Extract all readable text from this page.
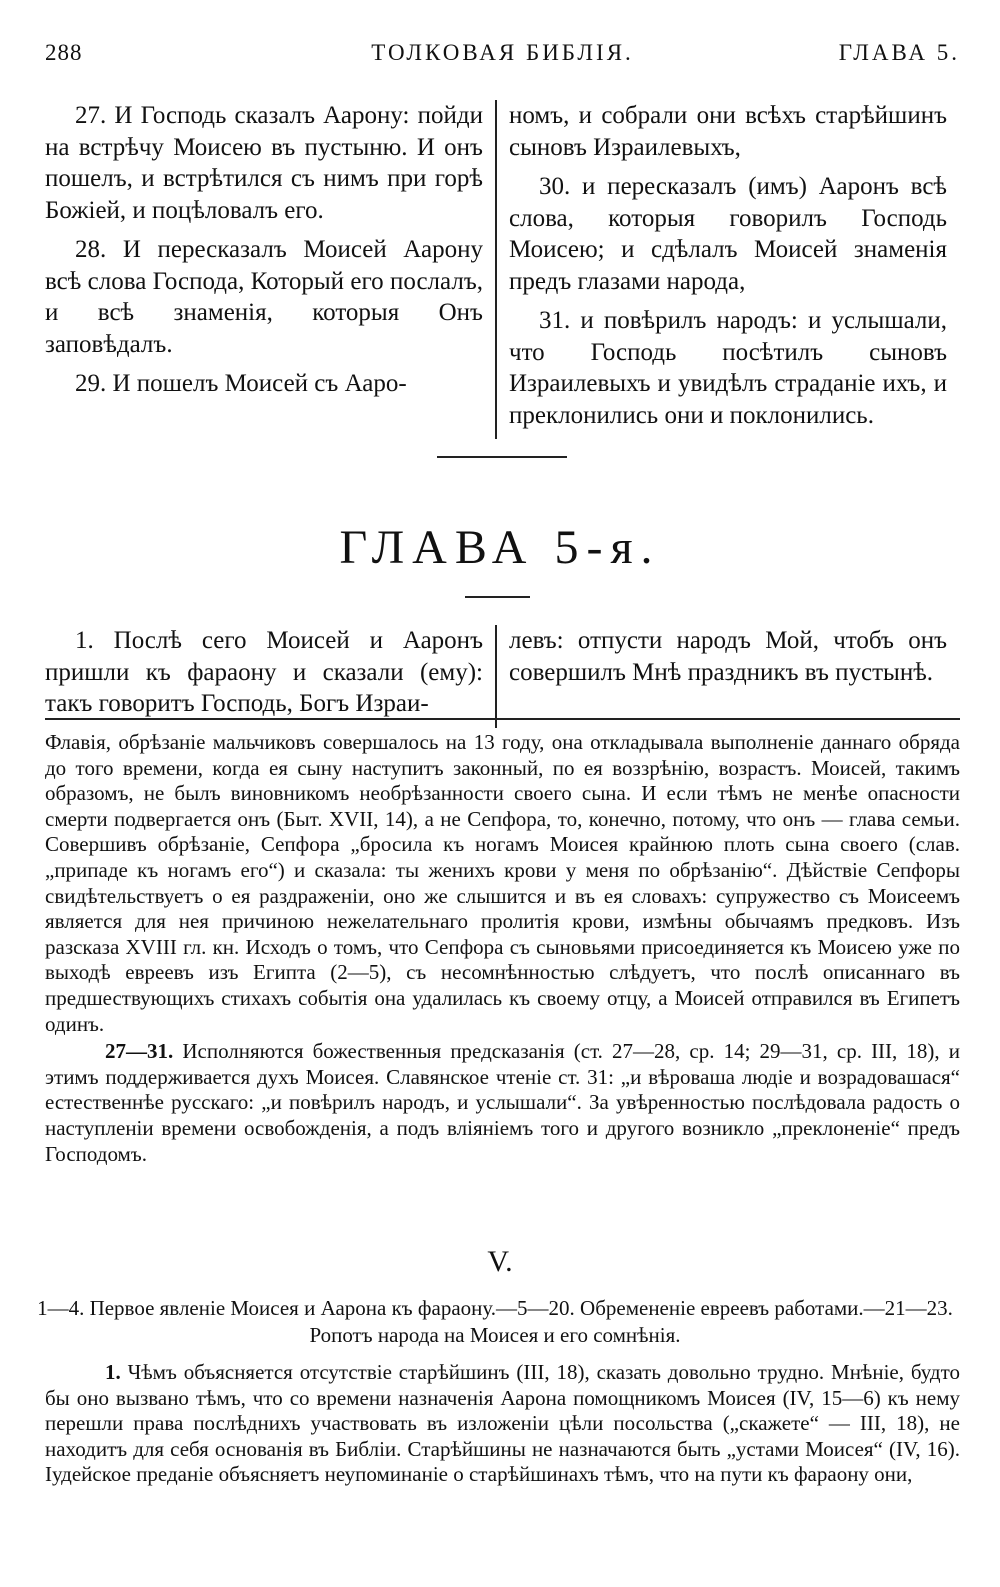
288	ТОЛКОВАЯ БИБЛІЯ.	ГЛАВА 5.

27. И Господь сказалъ Аарону: пойди на встрѣчу Моисею въ пустыню. И онъ пошелъ, и встрѣтился съ нимъ при горѣ Божіей, и поцѣловалъ его.

28. И пересказалъ Моисей Аарону всѣ слова Господа, Который его послалъ, и всѣ знаменія, которыя Онъ заповѣдалъ.

29. И пошелъ Моисей съ Ааро-

номъ, и собрали они всѣхъ старѣйшинъ сыновъ Израилевыхъ,

30. и пересказалъ (имъ) Ааронъ всѣ слова, которыя говорилъ Господь Моисею; и сдѣлалъ Моисей знаменія предъ глазами народа,

31. и повѣрилъ народъ: и услышали, что Господь посѣтилъ сыновъ Израилевыхъ и увидѣлъ страданіе ихъ, и преклонились они и поклонились.

ГЛАВА 5-я.

1. Послѣ сего Моисей и Ааронъ пришли къ фараону и сказали (ему): такъ говоритъ Господь, Богъ Израи-

левъ: отпусти народъ Мой, чтобъ онъ совершилъ Мнѣ праздникъ въ пустынѣ.

Флавія, обрѣзаніе мальчиковъ совершалось на 13 году, она откладывала выполненіе даннаго обряда до того времени, когда ея сыну наступитъ законный, по ея воззрѣнію, возрастъ. Моисей, такимъ образомъ, не былъ виновникомъ необрѣзанности своего сына. И если тѣмъ не менѣе опасности смерти подвергается онъ (Быт. XVII, 14), а не Сепфора, то, конечно, потому, что онъ — глава семьи. Совершивъ обрѣзаніе, Сепфора „бросила къ ногамъ Моисея крайнюю плоть сына своего (слав. „припаде къ ногамъ его“) и сказала: ты женихъ крови у меня по обрѣзанію“. Дѣйствіе Сепфоры свидѣтельствуетъ о ея раздраженіи, оно же слышится и въ ея словахъ: супружество съ Моисеемъ является для нея причиною нежелательнаго пролитія крови, измѣны обычаямъ предковъ. Изъ разсказа XVIII гл. кн. Исходъ о томъ, что Сепфора съ сыновьями присоединяется къ Моисею уже по выходѣ евреевъ изъ Египта (2—5), съ несомнѣнностью слѣдуетъ, что послѣ описаннаго въ предшествующихъ стихахъ событія она удалилась къ своему отцу, а Моисей отправился въ Египетъ одинъ.

27—31. Исполняются божественныя предсказанія (ст. 27—28, ср. 14; 29—31, ср. III, 18), и этимъ поддерживается духъ Моисея. Славянское чтеніе ст. 31: „и вѣроваша людіе и возрадовашася“ естественнѣе русскаго: „и повѣрилъ народъ, и услышали“. За увѣренностью послѣдовала радость о наступленіи времени освобожденія, а подъ вліяніемъ того и другого возникло „преклоненіе“ предъ Господомъ.

V.
1—4. Первое явленіе Моисея и Аарона къ фараону.—5—20. Обремененіе евреевъ работами.—21—23. Ропотъ народа на Моисея и его сомнѣнія.

1. Чѣмъ объясняется отсутствіе старѣйшинъ (III, 18), сказать довольно трудно. Мнѣніе, будто бы оно вызвано тѣмъ, что со времени назначенія Аарона помощникомъ Моисея (IV, 15—6) къ нему перешли права послѣднихъ участвовать въ изложеніи цѣли посольства („скажете“ — III, 18), не находитъ для себя основанія въ Библіи. Старѣйшины не назначаются быть „устами Моисея“ (IV, 16). Іудейское преданіе объясняетъ неупоминаніе о старѣйшинахъ тѣмъ, что на пути къ фараону они,
